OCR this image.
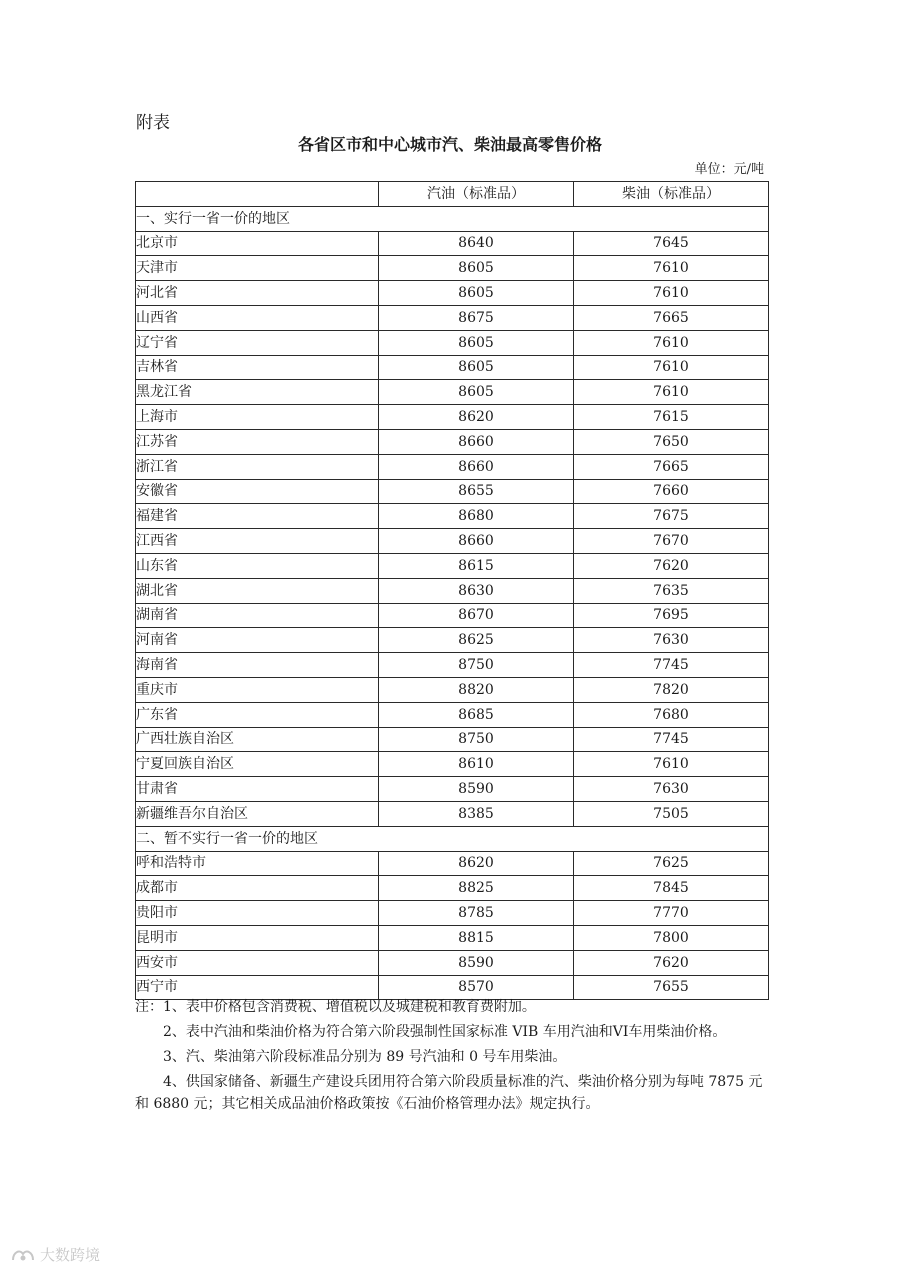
附表
各省区市和中心城市汽、柴油最高零售价格
单位：元/吨
	汽油（标准品）	柴油（标准品）
一、实行一省一价的地区		
北京市	8640	7645
天津市	8605	7610
河北省	8605	7610
山西省	8675	7665
辽宁省	8605	7610
吉林省	8605	7610
黑龙江省	8605	7610
上海市	8620	7615
江苏省	8660	7650
浙江省	8660	7665
安徽省	8655	7660
福建省	8680	7675
江西省	8660	7670
山东省	8615	7620
湖北省	8630	7635
湖南省	8670	7695
河南省	8625	7630
海南省	8750	7745
重庆市	8820	7820
广东省	8685	7680
广西壮族自治区	8750	7745
宁夏回族自治区	8610	7610
甘肃省	8590	7630
新疆维吾尔自治区	8385	7505
二、暂不实行一省一价的地区		
呼和浩特市	8620	7625
成都市	8825	7845
贵阳市	8785	7770
昆明市	8815	7800
西安市	8590	7620
西宁市	8570	7655

注：1、表中价格包含消费税、增值税以及城建税和教育费附加。

2、表中汽油和柴油价格为符合第六阶段强制性国家标准 VIB 车用汽油和VI车用柴油价格。

3、汽、柴油第六阶段标准品分别为 89 号汽油和 0 号车用柴油。

4、供国家储备、新疆生产建设兵团用符合第六阶段质量标准的汽、柴油价格分别为每吨 7875 元和 6880 元；其它相关成品油价格政策按《石油价格管理办法》规定执行。

大数跨境
